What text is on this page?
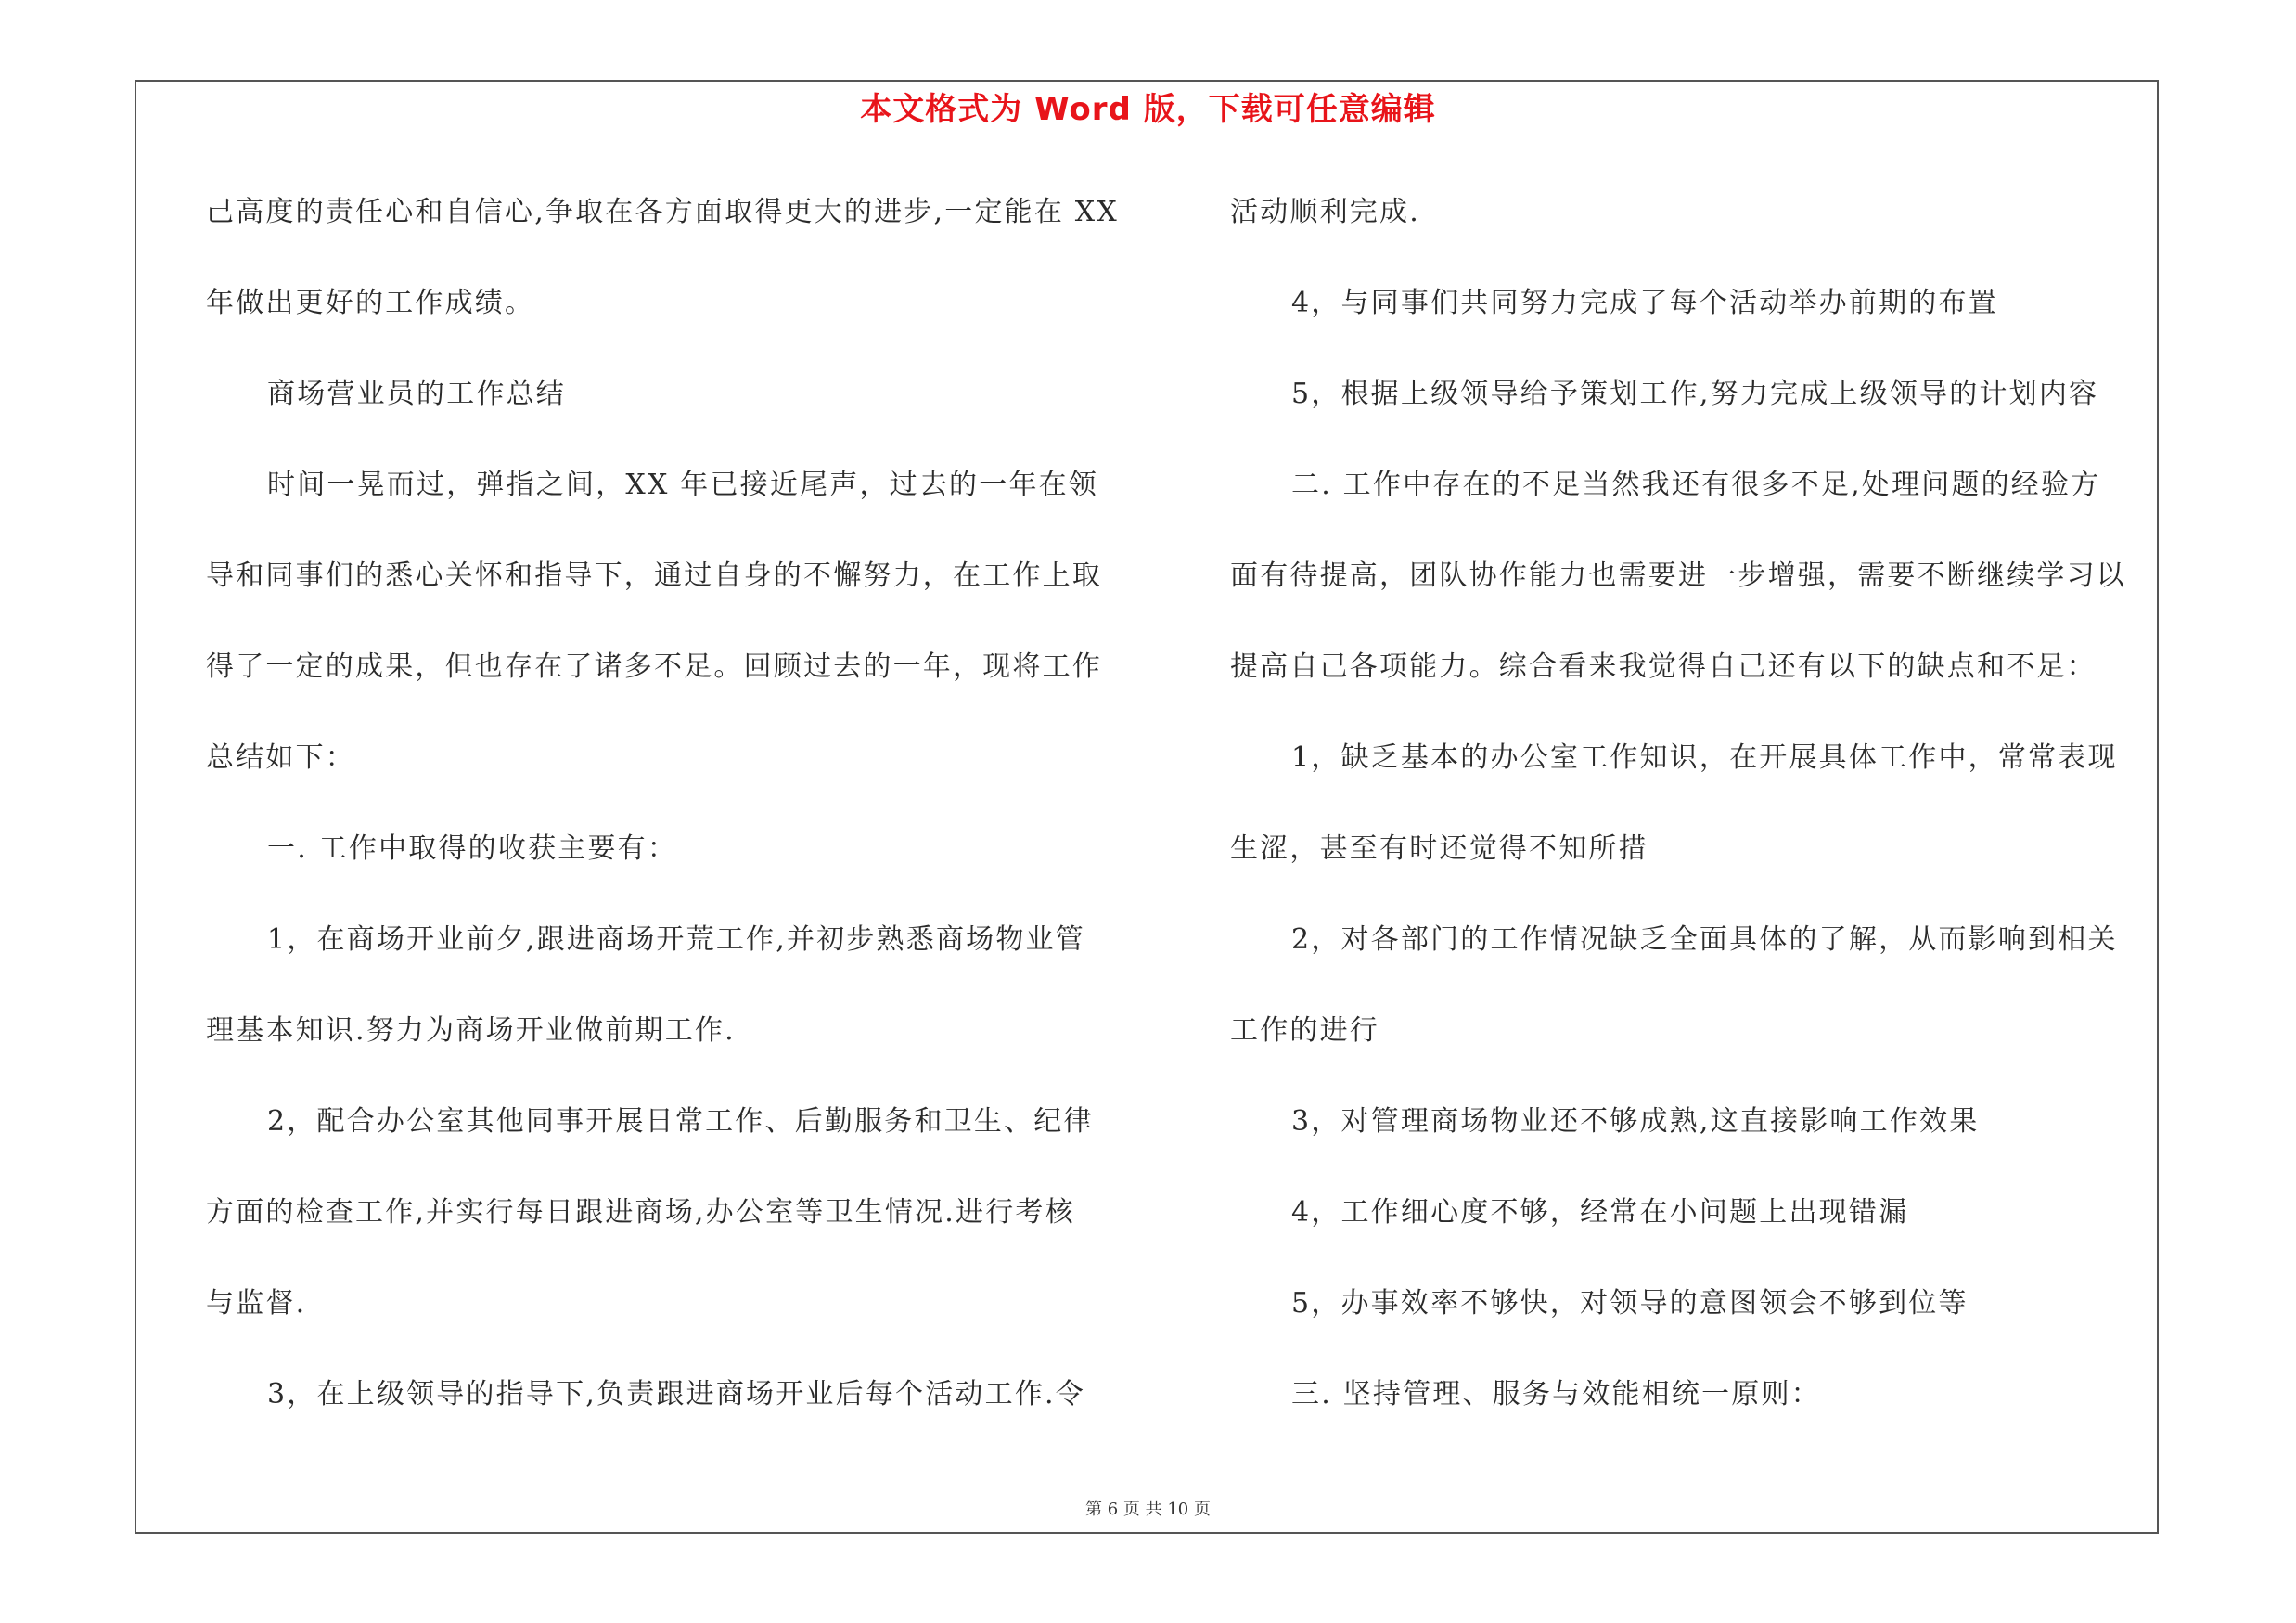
本文格式为 Word 版，下载可任意编辑
己高度的责任心和自信心,争取在各方面取得更大的进步,一定能在 XX
年做出更好的工作成绩。
商场营业员的工作总结
时间一晃而过，弹指之间，XX 年已接近尾声，过去的一年在领
导和同事们的悉心关怀和指导下，通过自身的不懈努力，在工作上取
得了一定的成果，但也存在了诸多不足。回顾过去的一年，现将工作
总结如下：
一. 工作中取得的收获主要有：
1，在商场开业前夕,跟进商场开荒工作,并初步熟悉商场物业管
理基本知识.努力为商场开业做前期工作.
2，配合办公室其他同事开展日常工作、后勤服务和卫生、纪律
方面的检查工作,并实行每日跟进商场,办公室等卫生情况.进行考核
与监督.
3，在上级领导的指导下,负责跟进商场开业后每个活动工作.令
活动顺利完成.
4，与同事们共同努力完成了每个活动举办前期的布置
5，根据上级领导给予策划工作,努力完成上级领导的计划内容
二. 工作中存在的不足当然我还有很多不足,处理问题的经验方
面有待提高，团队协作能力也需要进一步增强，需要不断继续学习以
提高自己各项能力。综合看来我觉得自己还有以下的缺点和不足：
1，缺乏基本的办公室工作知识，在开展具体工作中，常常表现
生涩，甚至有时还觉得不知所措
2，对各部门的工作情况缺乏全面具体的了解，从而影响到相关
工作的进行
3，对管理商场物业还不够成熟,这直接影响工作效果
4，工作细心度不够，经常在小问题上出现错漏
5，办事效率不够快，对领导的意图领会不够到位等
三. 坚持管理、服务与效能相统一原则：
第 6 页 共 10 页
